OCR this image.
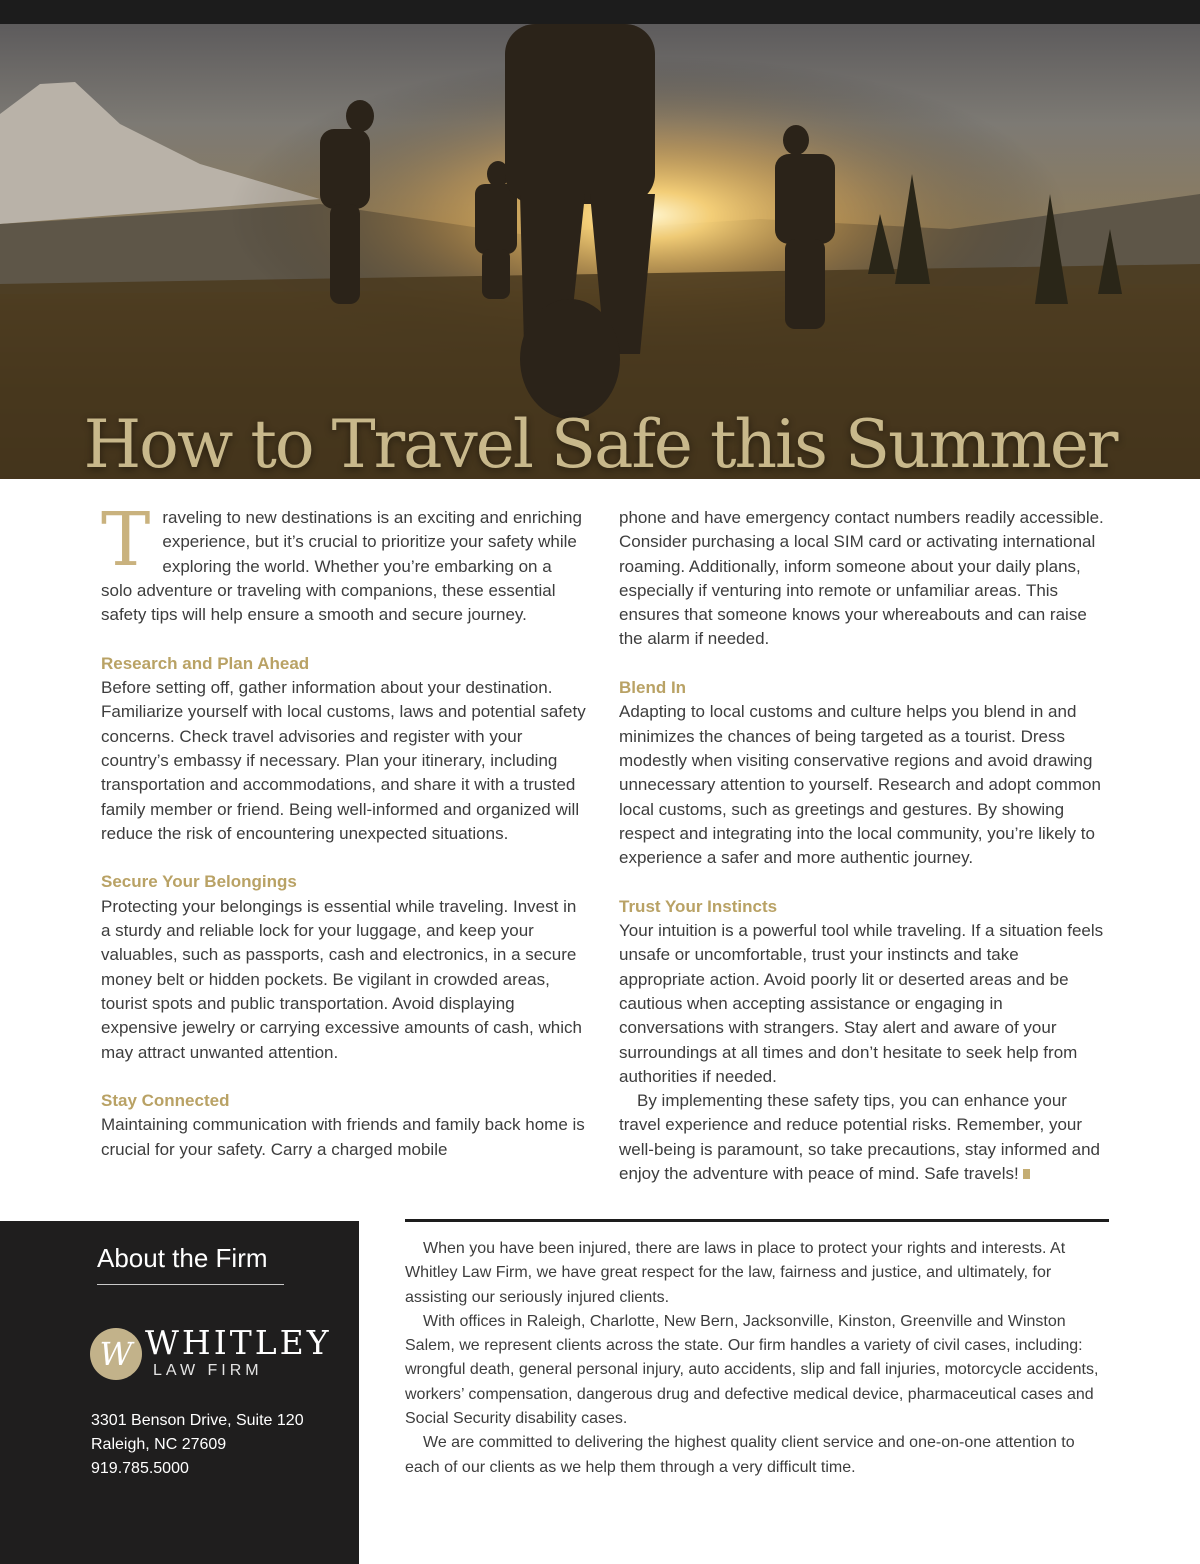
How to Travel Safe this Summer

Traveling to new destinations is an exciting and enriching experience, but it’s crucial to prioritize your safety while exploring the world. Whether you’re embarking on a solo adventure or traveling with companions, these essential safety tips will help ensure a smooth and secure journey.

Research and Plan Ahead

Before setting off, gather information about your destination. Familiarize yourself with local customs, laws and potential safety concerns. Check travel advisories and register with your country’s embassy if necessary. Plan your itinerary, including transportation and accommodations, and share it with a trusted family member or friend. Being well-informed and organized will reduce the risk of encountering unexpected situations.

Secure Your Belongings

Protecting your belongings is essential while traveling. Invest in a sturdy and reliable lock for your luggage, and keep your valuables, such as passports, cash and electronics, in a secure money belt or hidden pockets. Be vigilant in crowded areas, tourist spots and public transportation. Avoid displaying expensive jewelry or carrying excessive amounts of cash, which may attract unwanted attention.

Stay Connected

Maintaining communication with friends and family back home is crucial for your safety. Carry a charged mobile

phone and have emergency contact numbers readily accessible. Consider purchasing a local SIM card or activating international roaming. Additionally, inform someone about your daily plans, especially if venturing into remote or unfamiliar areas. This ensures that someone knows your whereabouts and can raise the alarm if needed.

Blend In

Adapting to local customs and culture helps you blend in and minimizes the chances of being targeted as a tourist. Dress modestly when visiting conservative regions and avoid drawing unnecessary attention to yourself. Research and adopt common local customs, such as greetings and gestures. By showing respect and integrating into the local community, you’re likely to experience a safer and more authentic journey.

Trust Your Instincts

Your intuition is a powerful tool while traveling. If a situation feels unsafe or uncomfortable, trust your instincts and take appropriate action. Avoid poorly lit or deserted areas and be cautious when accepting assistance or engaging in conversations with strangers. Stay alert and aware of your surroundings at all times and don’t hesitate to seek help from authorities if needed.

By implementing these safety tips, you can enhance your travel experience and reduce potential risks. Remember, your well-being is paramount, so take precautions, stay informed and enjoy the adventure with peace of mind. Safe travels!

About the Firm
W WHITLEY
LAW FIRM
3301 Benson Drive, Suite 120
Raleigh, NC 27609
919.785.5000

When you have been injured, there are laws in place to protect your rights and interests. At Whitley Law Firm, we have great respect for the law, fairness and justice, and ultimately, for assisting our seriously injured clients.

With offices in Raleigh, Charlotte, New Bern, Jacksonville, Kinston, Greenville and Winston Salem, we represent clients across the state. Our firm handles a variety of civil cases, including: wrongful death, general personal injury, auto accidents, slip and fall injuries, motorcycle accidents, workers’ compensation, dangerous drug and defective medical device, pharmaceutical cases and Social Security disability cases.

We are committed to delivering the highest quality client service and one-on-one attention to each of our clients as we help them through a very difficult time.
